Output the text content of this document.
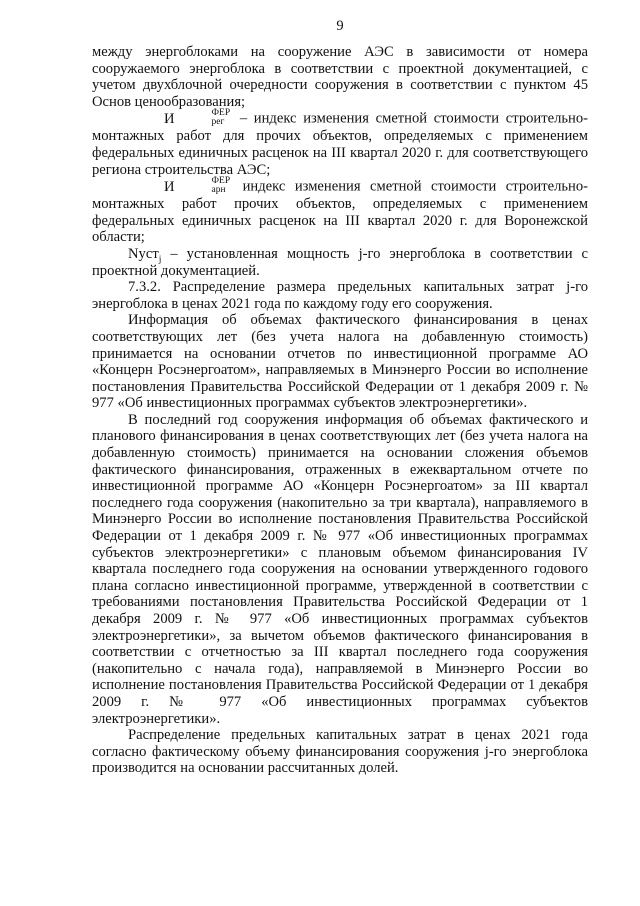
9

между энергоблоками на сооружение АЭС в зависимости от номера сооружаемого энергоблока в соответствии с проектной документацией, с учетом двухблочной очередности сооружения в соответствии с пунктом 45 Основ ценообразования;

И	ФЕР
рег – индекс изменения сметной стоимости строительно-монтажных работ для прочих объектов, определяемых с применением федеральных единичных расценок на III квартал 2020 г. для соответствующего региона строительства АЭС;

И	ФЕР
арн индекс изменения сметной стоимости строительно-монтажных работ прочих объектов, определяемых с применением федеральных единичных расценок на III квартал 2020 г. для Воронежской области;

Nуст$_j$ – установленная мощность j-го энергоблока в соответствии с проектной документацией.

7.3.2. Распределение размера предельных капитальных затрат j-го энергоблока в ценах 2021 года по каждому году его сооружения.

Информация об объемах фактического финансирования в ценах соответствующих лет (без учета налога на добавленную стоимость) принимается на основании отчетов по инвестиционной программе АО «Концерн Росэнергоатом», направляемых в Минэнерго России во исполнение постановления Правительства Российской Федерации от 1 декабря 2009 г. № 977 «Об инвестиционных программах субъектов электроэнергетики».

В последний год сооружения информация об объемах фактического и планового финансирования в ценах соответствующих лет (без учета налога на добавленную стоимость) принимается на основании сложения объемов фактического финансирования, отраженных в ежеквартальном отчете по инвестиционной программе АО «Концерн Росэнергоатом» за III квартал последнего года сооружения (накопительно за три квартала), направляемого в Минэнерго России во исполнение постановления Правительства Российской Федерации от 1 декабря 2009 г. № 977 «Об инвестиционных программах субъектов электроэнергетики» с плановым объемом финансирования IV квартала последнего года сооружения на основании утвержденного годового плана согласно инвестиционной программе, утвержденной в соответствии с требованиями постановления Правительства Российской Федерации от 1 декабря 2009 г. № 977 «Об инвестиционных программах субъектов электроэнергетики», за вычетом объемов фактического финансирования в соответствии с отчетностью за III квартал последнего года сооружения (накопительно с начала года), направляемой в Минэнерго России во исполнение постановления Правительства Российской Федерации от 1 декабря 2009 г. № 977 «Об инвестиционных программах субъектов электроэнергетики».

Распределение предельных капитальных затрат в ценах 2021 года согласно фактическому объему финансирования сооружения j-го энергоблока производится на основании рассчитанных долей.
